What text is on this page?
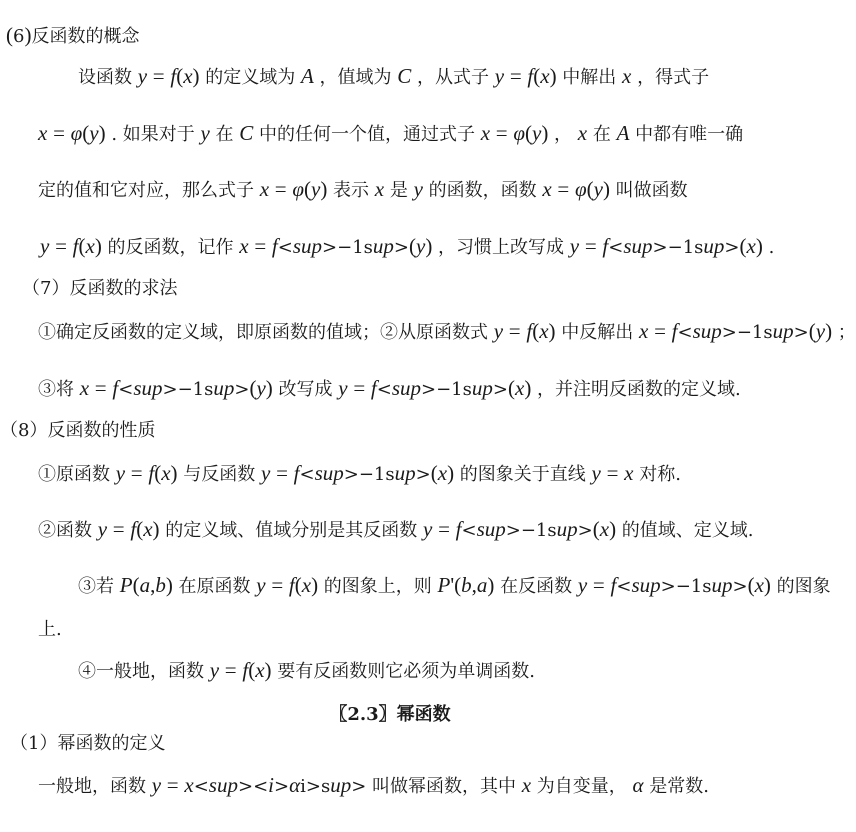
(6)反函数的概念
设函数 y = f(x) 的定义域为 A ，值域为 C ，从式子 y = f(x) 中解出 x ，得式子
x = φ(y) . 如果对于 y 在 C 中的任何一个值，通过式子 x = φ(y) ， x 在 A 中都有唯一确
定的值和它对应，那么式子 x = φ(y) 表示 x 是 y 的函数，函数 x = φ(y) 叫做函数
y = f(x) 的反函数，记作 x = f<sup>−1sup>(y) ，习惯上改写成 y = f<sup>−1sup>(x) .
（7）反函数的求法
①确定反函数的定义域，即原函数的值域；②从原函数式 y = f(x) 中反解出 x = f<sup>−1sup>(y) ；
③将 x = f<sup>−1sup>(y) 改写成 y = f<sup>−1sup>(x) ，并注明反函数的定义域.
（8）反函数的性质
①原函数 y = f(x) 与反函数 y = f<sup>−1sup>(x) 的图象关于直线 y = x 对称.
②函数 y = f(x) 的定义域、值域分别是其反函数 y = f<sup>−1sup>(x) 的值域、定义域.
③若 P(a,b) 在原函数 y = f(x) 的图象上，则 P'(b,a) 在反函数 y = f<sup>−1sup>(x) 的图象
上.
④一般地，函数 y = f(x) 要有反函数则它必须为单调函数.
〖2.3〗幂函数
（1）幂函数的定义
一般地，函数 y = x<sup><i>αi>sup> 叫做幂函数，其中 x 为自变量， α 是常数.
